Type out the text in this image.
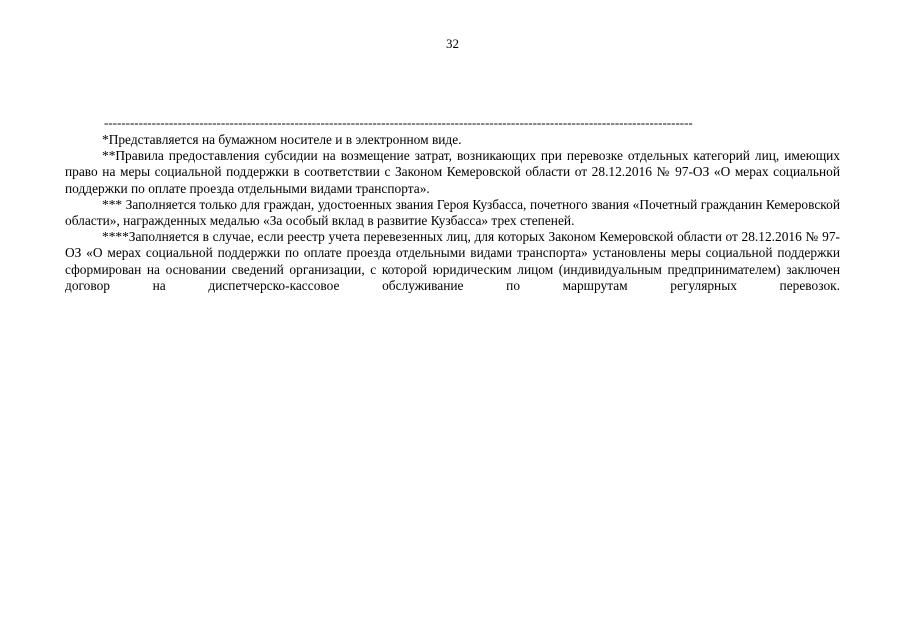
32
----------------------------------------------------------------------------------------------------------------------------------------

*Представляется на бумажном носителе и в электронном виде.

**Правила предоставления субсидии на возмещение затрат, возникающих при перевозке отдельных категорий лиц, имеющих право на меры социальной поддержки в соответствии с Законом Кемеровской области от 28.12.2016 № 97-ОЗ «О мерах социальной поддержки по оплате проезда отдельными видами транспорта».

*** Заполняется только для граждан, удостоенных звания Героя Кузбасса, почетного звания «Почетный гражданин Кемеровской области», награжденных медалью «За особый вклад в развитие Кузбасса» трех степеней.

****Заполняется в случае, если реестр учета перевезенных лиц, для которых Законом Кемеровской области от 28.12.2016 № 97-ОЗ «О мерах социальной поддержки по оплате проезда отдельными видами транспорта» установлены меры социальной поддержки сформирован на основании сведений организации, с которой юридическим лицом (индивидуальным предпринимателем) заключен договор на диспетчерско-кассовое обслуживание по маршрутам регулярных перевозок.
